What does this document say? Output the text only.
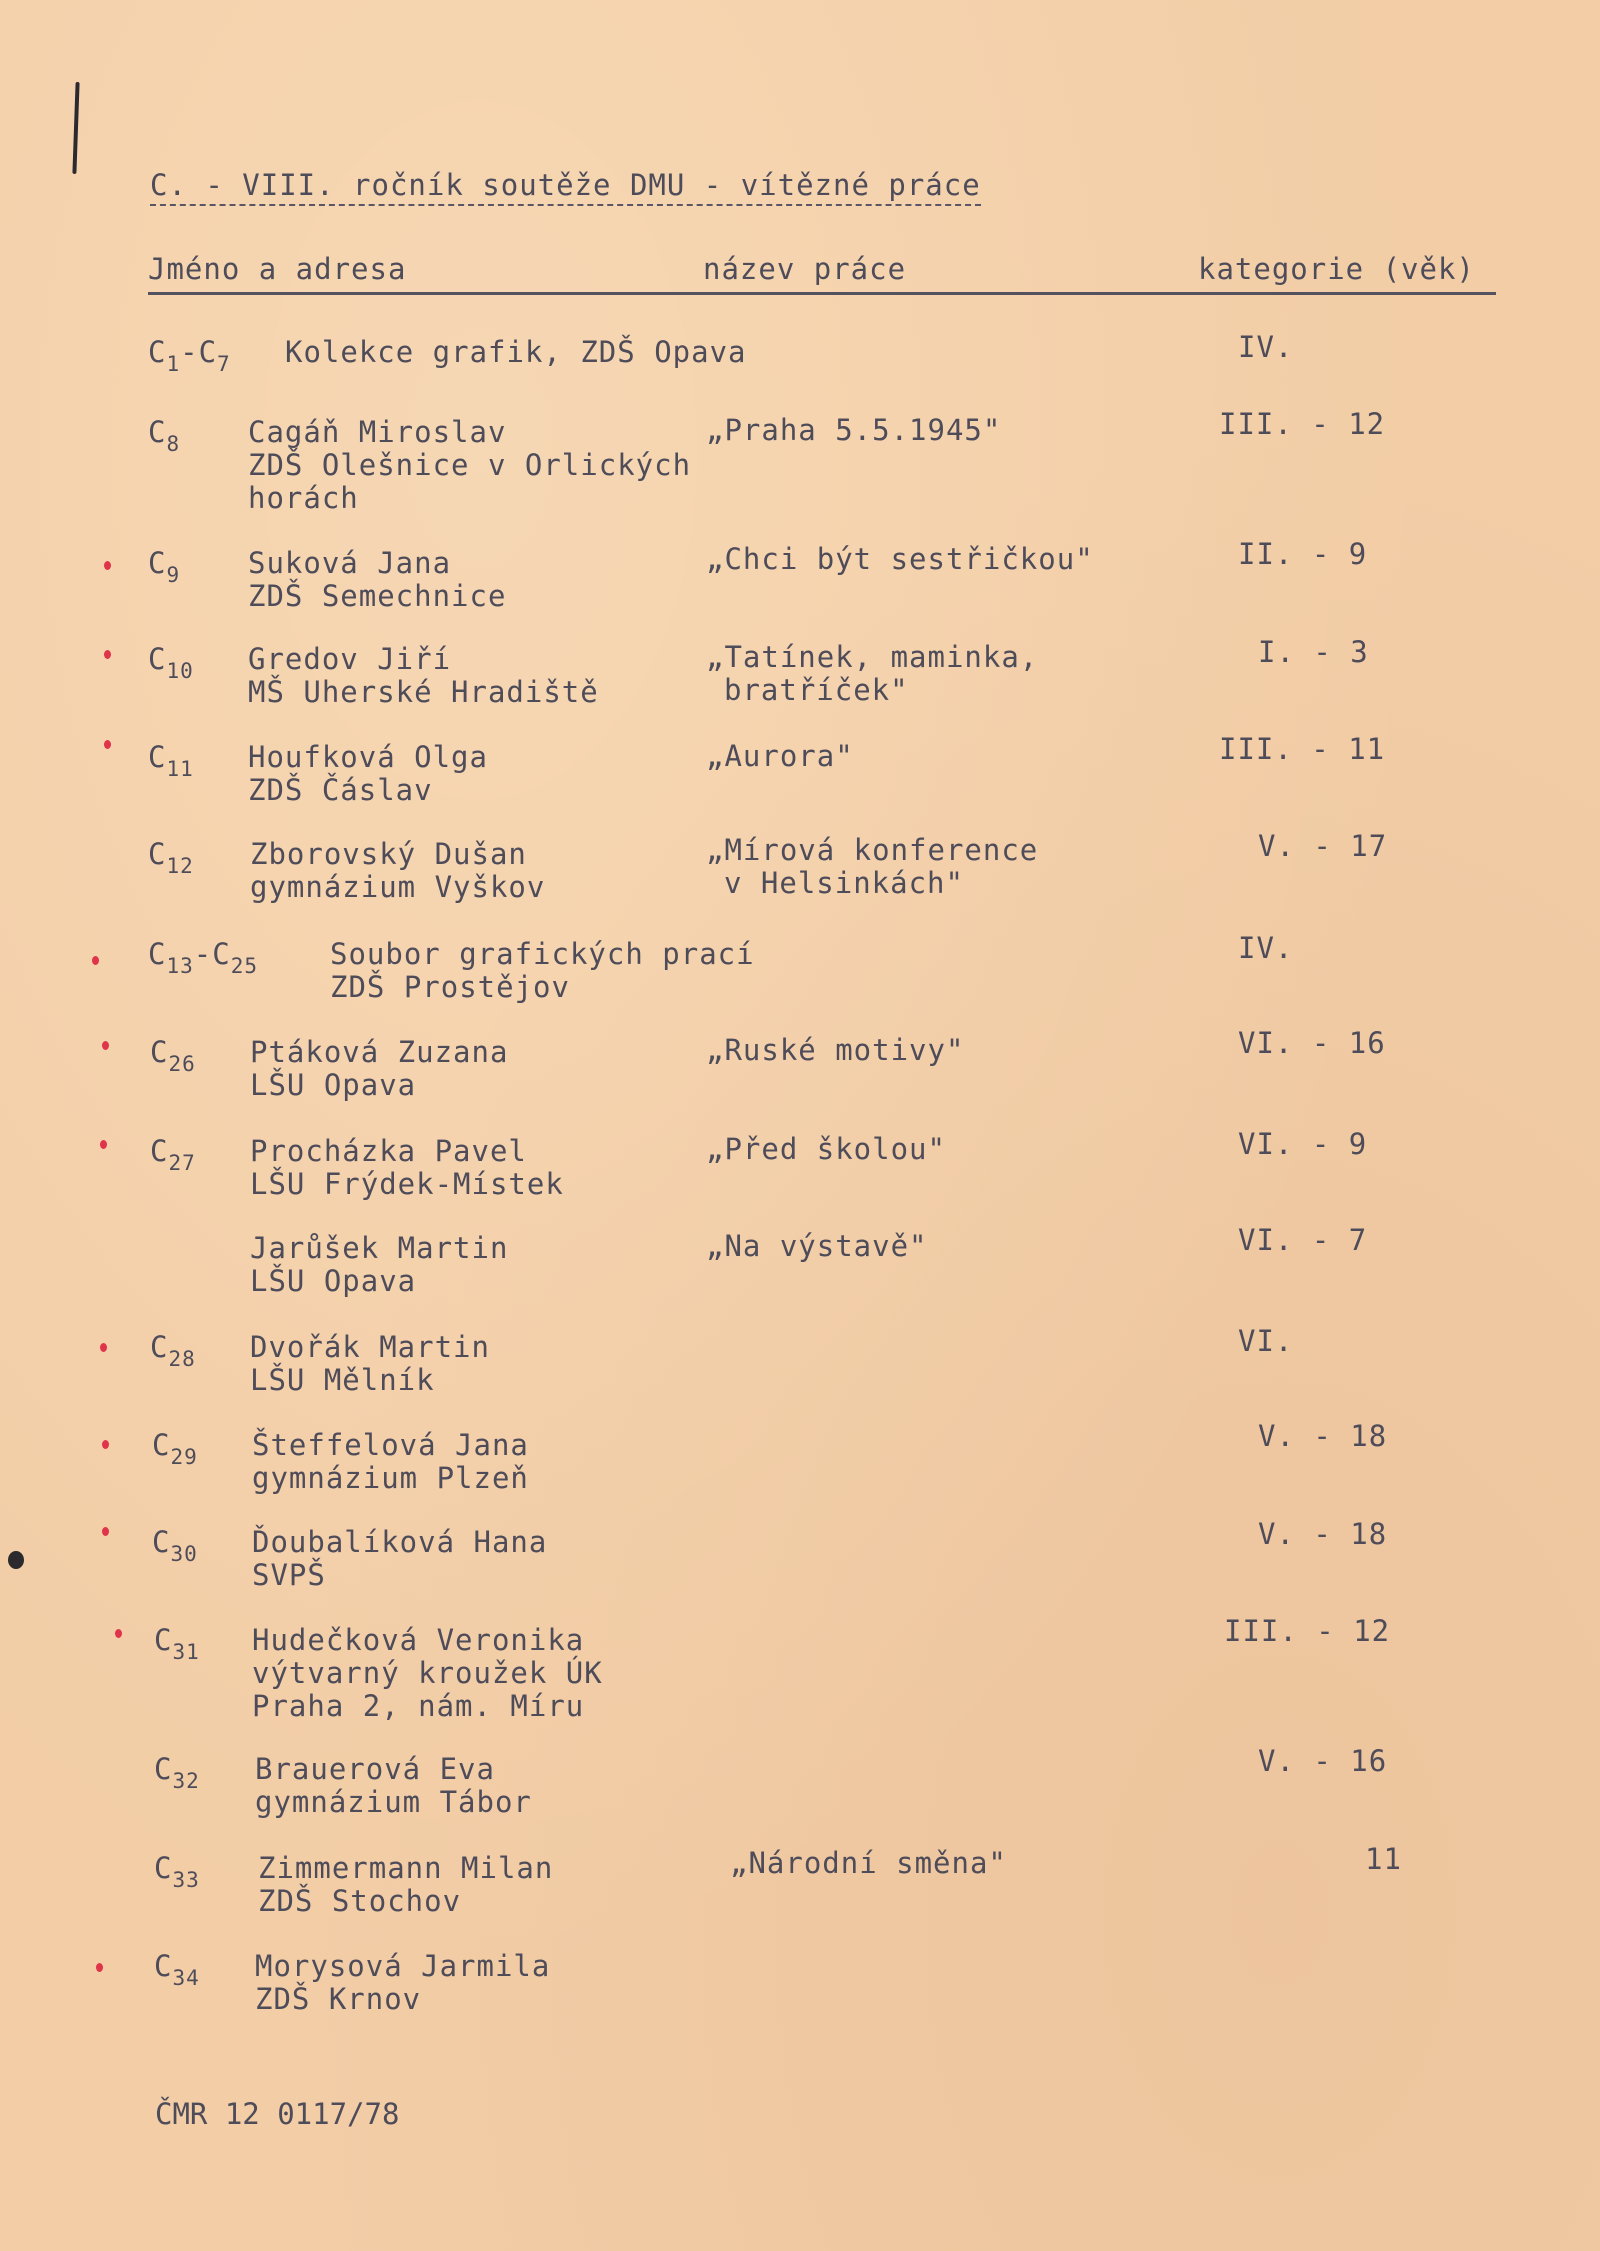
C. - VIII. ročník soutěže DMU - vítězné práce
Jméno a adresa	název práce	kategorie (věk)
$C_1-C_7$ Kolekce grafik, ZDŠ Opava	IV.
$C_8$ Cagáň Miroslav
ZDŠ Olešnice v Orlických
horách
„Praha 5.5.1945"	III. - 12
$C_9$ Suková Jana
ZDŠ Semechnice
„Chci být sestřičkou"	II. - 9
$C_{10}$ Gredov Jiří
MŠ Uherské Hradiště
„Tatínek, maminka,
bratříček"
I. - 3
$C_{11}$ Houfková Olga
ZDŠ Čáslav
„Aurora"	III. - 11
$C_{12}$ Zborovský Dušan
gymnázium Vyškov
„Mírová konference
v Helsinkách"
V. - 17
$C_{13}-C_{25}$ Soubor grafických prací
ZDŠ Prostějov
IV.
$C_{26}$ Ptáková Zuzana
LŠU Opava
„Ruské motivy"	VI. - 16
$C_{27}$ Procházka Pavel
LŠU Frýdek-Místek
„Před školou"	VI. - 9
Jarůšek Martin
LŠU Opava
„Na výstavě"	VI. - 7
$C_{28}$ Dvořák Martin
LŠU Mělník
VI.
$C_{29}$ Šteffelová Jana
gymnázium Plzeň
V. - 18
$C_{30}$ Ďoubalíková Hana
SVPŠ
V. - 18
$C_{31}$ Hudečková Veronika
výtvarný kroužek ÚK
Praha 2, nám. Míru
III. - 12
$C_{32}$ Brauerová Eva
gymnázium Tábor
V. - 16
$C_{33}$ Zimmermann Milan
ZDŠ Stochov
„Národní směna"	11
$C_{34}$ Morysová Jarmila
ZDŠ Krnov
ČMR 12 0117/78
